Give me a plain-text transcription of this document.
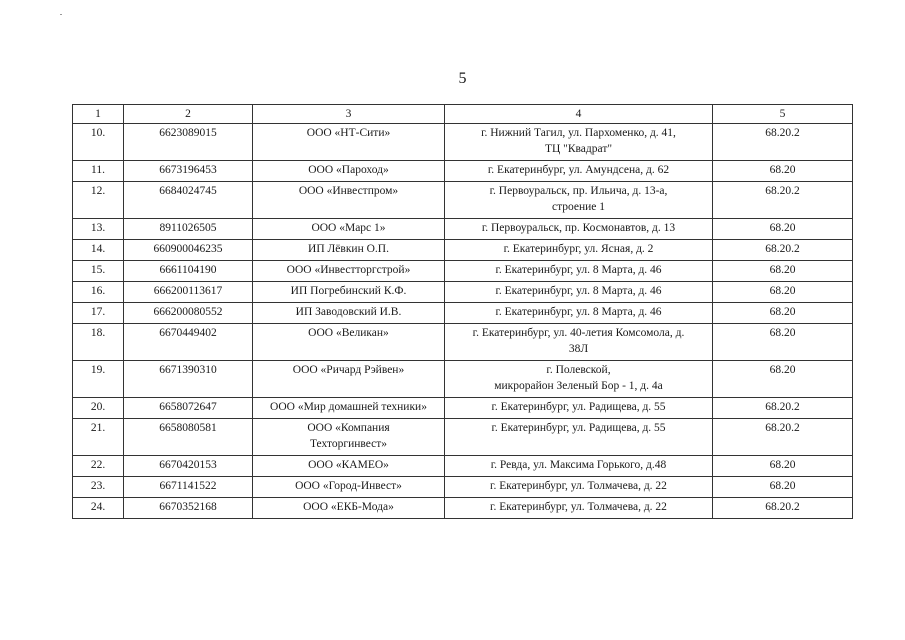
5
1	2	3	4	5
10.	6623089015	ООО «НТ-Сити»	г. Нижний Тагил, ул. Пархоменко, д. 41,
ТЦ "Квадрат"	68.20.2
11.	6673196453	ООО «Пароход»	г. Екатеринбург, ул. Амундсена, д. 62	68.20
12.	6684024745	ООО «Инвестпром»	г. Первоуральск, пр. Ильича, д. 13-а,
строение 1	68.20.2
13.	8911026505	ООО «Марс 1»	г. Первоуральск, пр. Космонавтов, д. 13	68.20
14.	660900046235	ИП Лёвкин О.П.	г. Екатеринбург, ул. Ясная, д. 2	68.20.2
15.	6661104190	ООО «Инвестторгстрой»	г. Екатеринбург, ул. 8 Марта, д. 46	68.20
16.	666200113617	ИП Погребинский К.Ф.	г. Екатеринбург, ул. 8 Марта, д. 46	68.20
17.	666200080552	ИП Заводовский И.В.	г. Екатеринбург, ул. 8 Марта, д. 46	68.20
18.	6670449402	ООО «Великан»	г. Екатеринбург, ул. 40-летия Комсомола, д.
38Л	68.20
19.	6671390310	ООО «Ричард Рэйвен»	г. Полевской,
микрорайон Зеленый Бор - 1, д. 4а	68.20
20.	6658072647	ООО «Мир домашней техники»	г. Екатеринбург, ул. Радищева, д. 55	68.20.2
21.	6658080581	ООО «Компания
Техторгинвест»	г. Екатеринбург, ул. Радищева, д. 55	68.20.2
22.	6670420153	ООО «КАМЕО»	г. Ревда, ул. Максима Горького, д.48	68.20
23.	6671141522	ООО «Город-Инвест»	г. Екатеринбург, ул. Толмачева, д. 22	68.20
24.	6670352168	ООО «ЕКБ-Мода»	г. Екатеринбург, ул. Толмачева, д. 22	68.20.2
